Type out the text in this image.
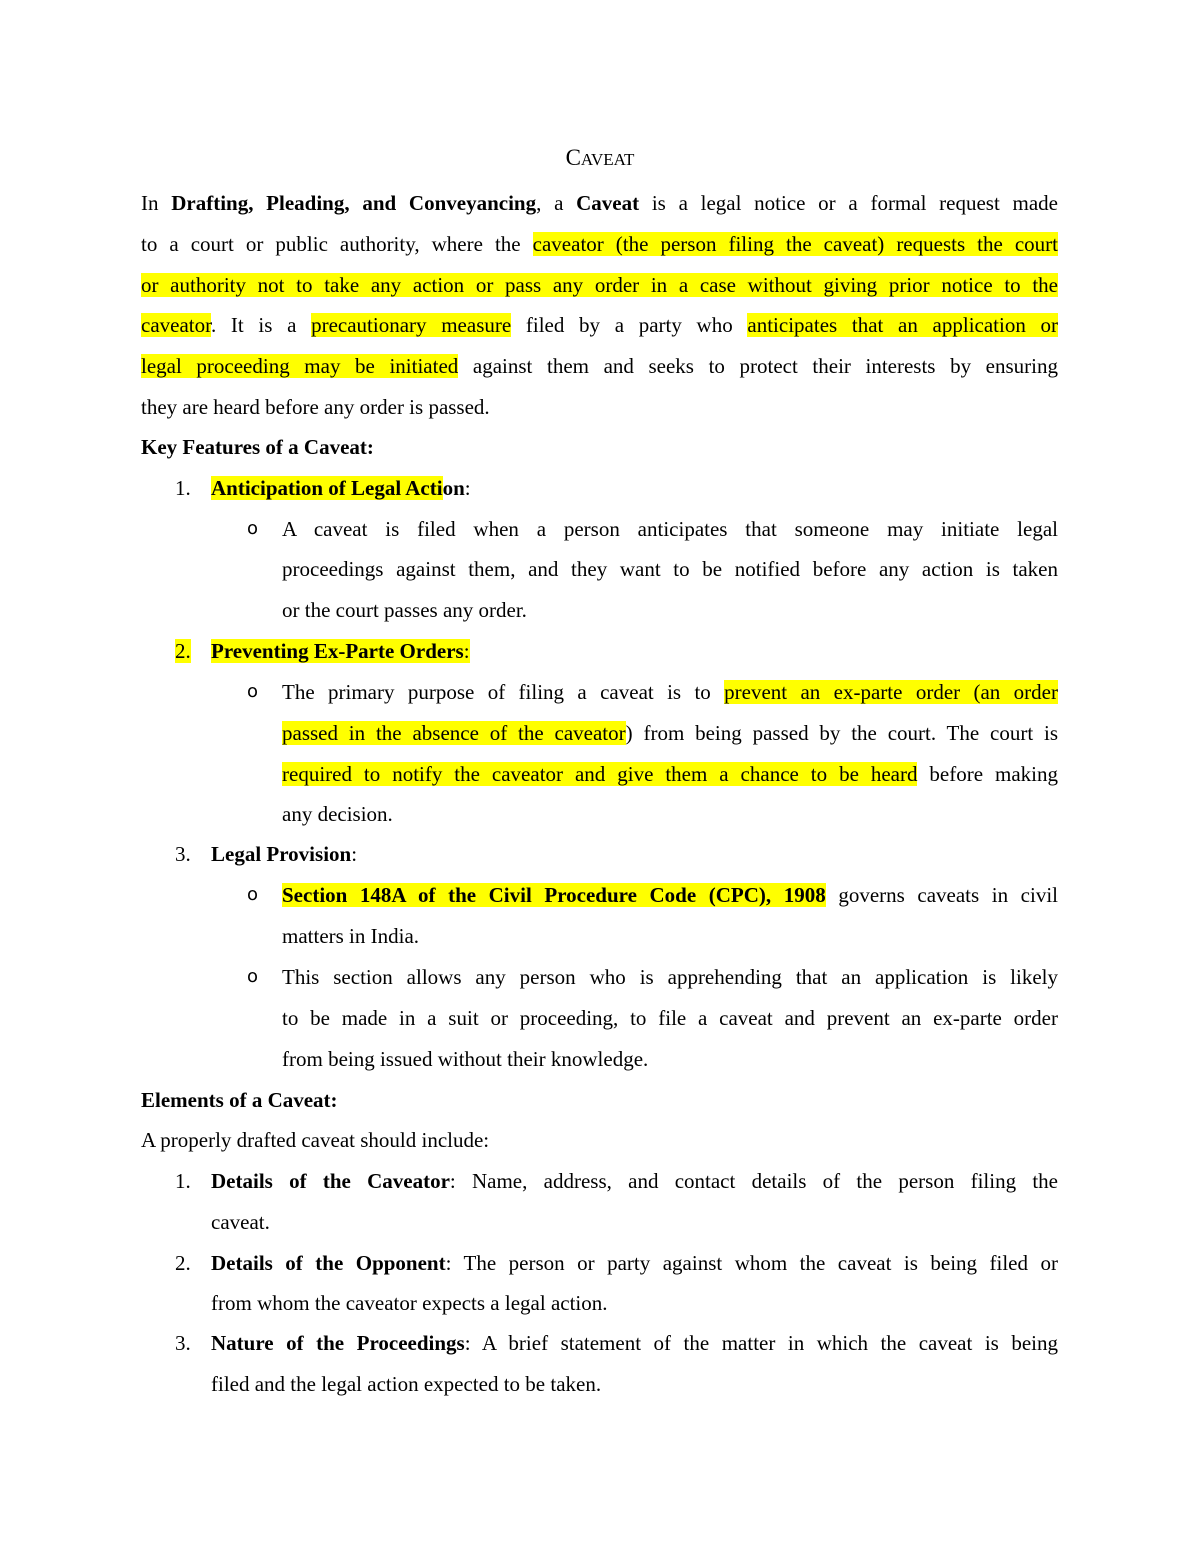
CAVEAT
In Drafting, Pleading, and Conveyancing, a Caveat is a legal notice or a formal request made
to a court or public authority, where the caveator (the person filing the caveat) requests the court
or authority not to take any action or pass any order in a case without giving prior notice to the
caveator. It is a precautionary measure filed by a party who anticipates that an application or
legal proceeding may be initiated against them and seeks to protect their interests by ensuring
they are heard before any order is passed.
Key Features of a Caveat:
1. Anticipation of Legal Action:
o A caveat is filed when a person anticipates that someone may initiate legal
proceedings against them, and they want to be notified before any action is taken
or the court passes any order.
2. Preventing Ex-Parte Orders:
o The primary purpose of filing a caveat is to prevent an ex-parte order (an order
passed in the absence of the caveator) from being passed by the court. The court is
required to notify the caveator and give them a chance to be heard before making
any decision.
3. Legal Provision:
o Section 148A of the Civil Procedure Code (CPC), 1908 governs caveats in civil
matters in India.
o This section allows any person who is apprehending that an application is likely
to be made in a suit or proceeding, to file a caveat and prevent an ex-parte order
from being issued without their knowledge.
Elements of a Caveat:
A properly drafted caveat should include:
1. Details of the Caveator: Name, address, and contact details of the person filing the
caveat.
2. Details of the Opponent: The person or party against whom the caveat is being filed or
from whom the caveator expects a legal action.
3. Nature of the Proceedings: A brief statement of the matter in which the caveat is being
filed and the legal action expected to be taken.
